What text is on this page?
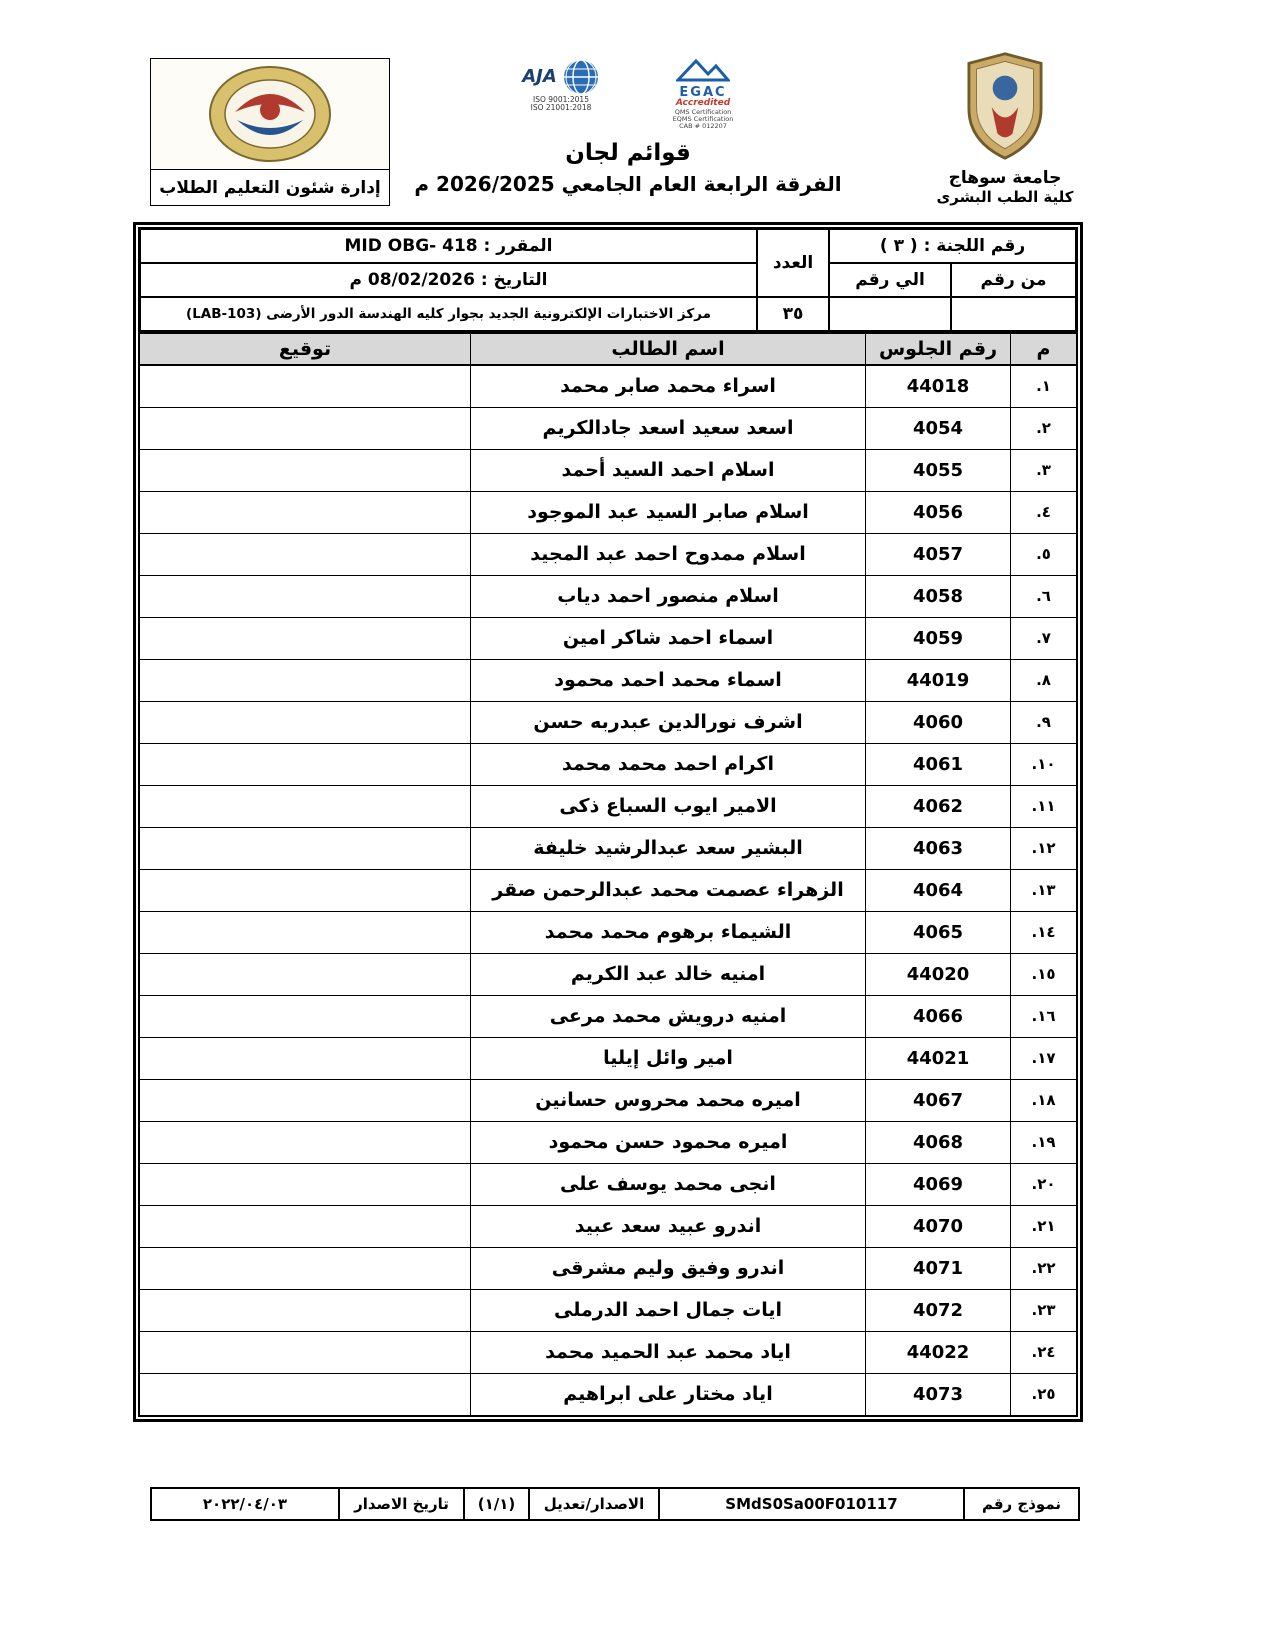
إدارة شئون التعليم الطلاب
EGAC
Accredited
QMS Certification
EQMS Certification
CAB # 012207
AJA
ISO 9001:2015
ISO 21001:2018
قوائم لجان
الفرقة الرابعة العام الجامعي 2026/2025 م	جامعة سوهاج
كلية الطب البشرى
رقم اللجنة : ( ٣ )		العدد	المقرر : MID OBG- 418
من رقم	الي رقم		التاريخ : 08/02/2026 م
		٣٥	مركز الاختبارات الإلكترونية الجديد بجوار كليه الهندسة الدور الأرضى (LAB-103)
م	رقم الجلوس	اسم الطالب	توقيع
١.	44018	اسراء محمد صابر محمد	
٢.	4054	اسعد سعيد اسعد جادالكريم	
٣.	4055	اسلام احمد السيد أحمد	
٤.	4056	اسلام صابر السيد عبد الموجود	
٥.	4057	اسلام ممدوح احمد عبد المجيد	
٦.	4058	اسلام منصور احمد دياب	
٧.	4059	اسماء احمد شاكر امين	
٨.	44019	اسماء محمد احمد محمود	
٩.	4060	اشرف نورالدين عبدربه حسن	
١٠.	4061	اكرام احمد محمد محمد	
١١.	4062	الامير ايوب السباع ذكى	
١٢.	4063	البشير سعد عبدالرشيد خليفة	
١٣.	4064	الزهراء عصمت محمد عبدالرحمن صقر	
١٤.	4065	الشيماء برهوم محمد محمد	
١٥.	44020	امنيه خالد عبد الكريم	
١٦.	4066	امنيه درويش محمد مرعى	
١٧.	44021	امير وائل إيليا	
١٨.	4067	اميره محمد محروس حسانين	
١٩.	4068	اميره محمود حسن محمود	
٢٠.	4069	انجى محمد يوسف على	
٢١.	4070	اندرو عبيد سعد عبيد	
٢٢.	4071	اندرو وفيق وليم مشرقى	
٢٣.	4072	ايات جمال احمد الدرملى	
٢٤.	44022	اياد محمد عبد الحميد محمد	
٢٥.	4073	اياد مختار على ابراهيم	
نموذج رقم	SMdS0Sa00F010117	الاصدار/تعديل	(١/١)	تاريخ الاصدار	٢٠٢٢/٠٤/٠٣
